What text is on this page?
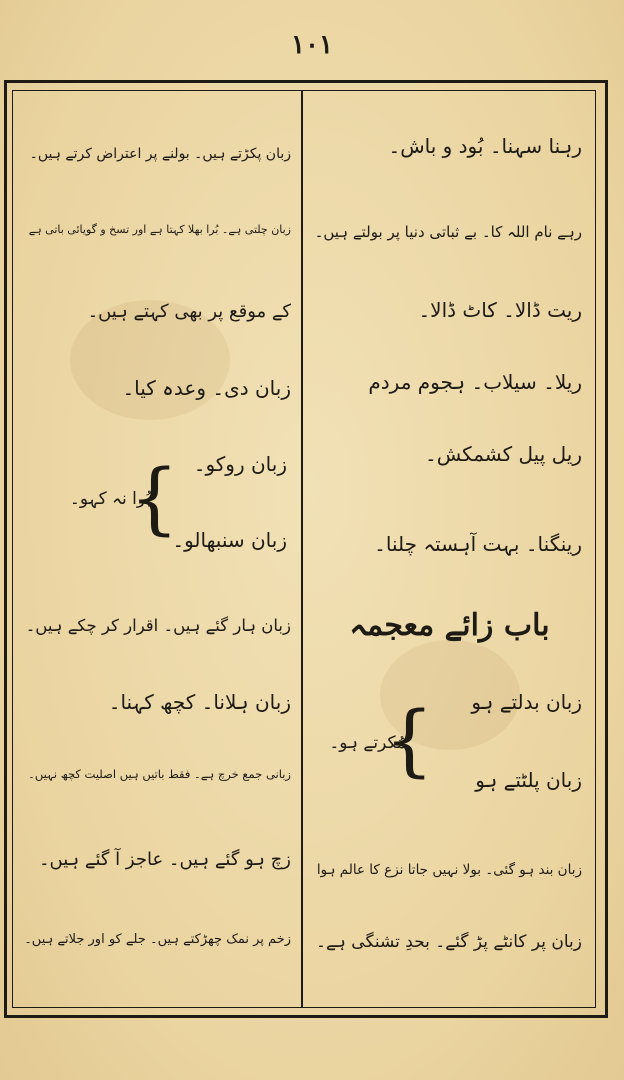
۱۰۱
رہنا سہنا۔ بُود و باش۔
رہے نام اللہ کا۔ بے ثباتی دنیا پر بولتے ہیں۔
ریت ڈالا۔ کاٹ ڈالا۔
ریلا۔ سیلاب۔ ہجوم مردم
ریل پیل کشمکش۔
رینگنا۔ بہت آہستہ چلنا۔
باب زائے معجمہ
زبان بدلتے ہو
زبان پلٹتے ہو
}
مُکرتے ہو۔
زبان بند ہو گئی۔ بولا نہیں جاتا نزع کا عالم ہوا
زبان پر کانٹے پڑ گئے۔ بحدِ تشنگی ہے۔
زبان پکڑتے ہیں۔ بولنے پر اعتراض کرتے ہیں۔
زبان چلتی ہے۔ بُرا بھلا کہتا ہے اور تسخ و گویائی باتی ہے
کے موقع پر بھی کہتے ہیں۔
زبان دی۔ وعدہ کیا۔
زبان روکو۔
زبان سنبھالو۔
}
بُرا نہ کہو۔
زبان ہار گئے ہیں۔ اقرار کر چکے ہیں۔
زبان ہلانا۔ کچھ کہنا۔
زبانی جمع خرچ ہے۔ فقط باتیں ہیں اصلیت کچھ نہیں۔
زچ ہو گئے ہیں۔ عاجز آ گئے ہیں۔
زخم پر نمک چھڑکتے ہیں۔ جلے کو اور جلاتے ہیں۔
